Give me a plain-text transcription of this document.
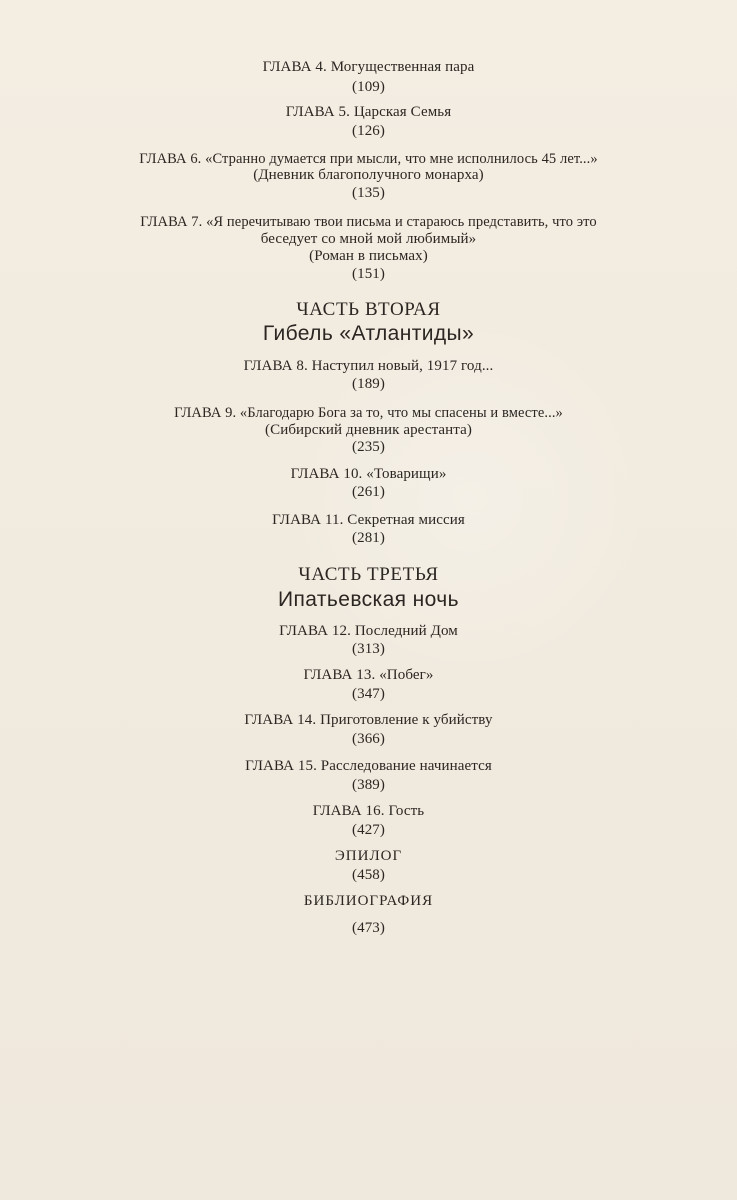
ГЛАВА 4. Могущественная пара
(109)
ГЛАВА 5. Царская Семья
(126)
ГЛАВА 6. «Странно думается при мысли, что мне исполнилось 45 лет...»
(Дневник благополучного монарха)
(135)
ГЛАВА 7. «Я перечитываю твои письма и стараюсь представить, что это
беседует со мной мой любимый»
(Роман в письмах)
(151)
ЧАСТЬ ВТОРАЯ
Гибель «Атлантиды»
ГЛАВА 8. Наступил новый, 1917 год...
(189)
ГЛАВА 9. «Благодарю Бога за то, что мы спасены и вместе...»
(Сибирский дневник арестанта)
(235)
ГЛАВА 10. «Товарищи»
(261)
ГЛАВА 11. Секретная миссия
(281)
ЧАСТЬ ТРЕТЬЯ
Ипатьевская ночь
ГЛАВА 12. Последний Дом
(313)
ГЛАВА 13. «Побег»
(347)
ГЛАВА 14. Приготовление к убийству
(366)
ГЛАВА 15. Расследование начинается
(389)
ГЛАВА 16. Гость
(427)
ЭПИЛОГ
(458)
БИБЛИОГРАФИЯ
(473)
